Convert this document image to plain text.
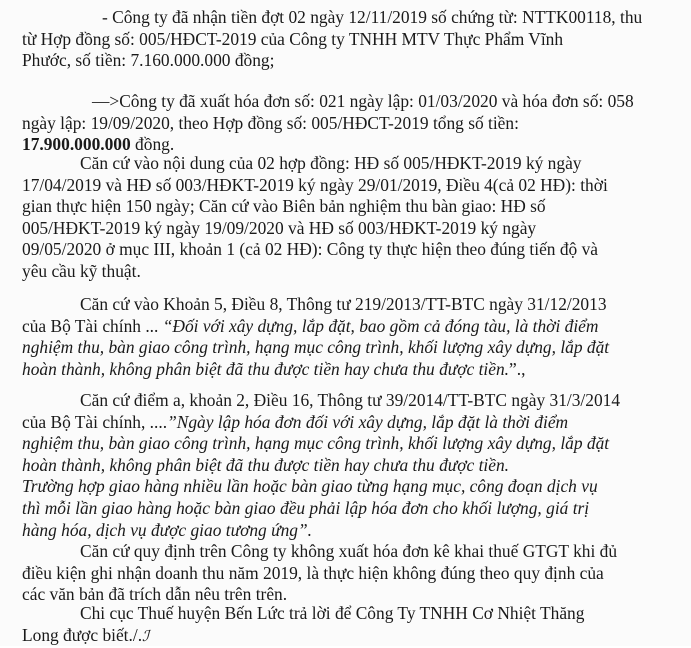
- Công ty đã nhận tiền đợt 02 ngày 12/11/2019 số chứng từ: NTTK00118, thu
từ Hợp đồng số: 005/HĐCT-2019 của Công ty TNHH MTV Thực Phẩm Vĩnh
Phước, số tiền: 7.160.000.000 đồng;

—>Công ty đã xuất hóa đơn số: 021 ngày lập: 01/03/2020 và hóa đơn số: 058
ngày lập: 19/09/2020, theo Hợp đồng số: 005/HĐCT-2019 tổng số tiền:
17.900.000.000 đồng.

Căn cứ vào nội dung của 02 hợp đồng: HĐ số 005/HĐKT-2019 ký ngày
17/04/2019 và HĐ số 003/HĐKT-2019 ký ngày 29/01/2019, Điều 4(cả 02 HĐ): thời
gian thực hiện 150 ngày; Căn cứ vào Biên bản nghiệm thu bàn giao: HĐ số
005/HĐKT-2019 ký ngày 19/09/2020 và HĐ số 003/HĐKT-2019 ký ngày
09/05/2020 ở mục III, khoản 1 (cả 02 HĐ): Công ty thực hiện theo đúng tiến độ và
yêu cầu kỹ thuật.

Căn cứ vào Khoản 5, Điều 8, Thông tư 219/2013/TT-BTC ngày 31/12/2013
của Bộ Tài chính ... “Đối với xây dựng, lắp đặt, bao gồm cả đóng tàu, là thời điểm
nghiệm thu, bàn giao công trình, hạng mục công trình, khối lượng xây dựng, lắp đặt
hoàn thành, không phân biệt đã thu được tiền hay chưa thu được tiền.”.,

Căn cứ điểm a, khoản 2, Điều 16, Thông tư 39/2014/TT-BTC ngày 31/3/2014
của Bộ Tài chính, ....”Ngày lập hóa đơn đối với xây dựng, lắp đặt là thời điểm
nghiệm thu, bàn giao công trình, hạng mục công trình, khối lượng xây dựng, lắp đặt
hoàn thành, không phân biệt đã thu được tiền hay chưa thu được tiền.
Trường hợp giao hàng nhiều lần hoặc bàn giao từng hạng mục, công đoạn dịch vụ
thì mỗi lần giao hàng hoặc bàn giao đều phải lập hóa đơn cho khối lượng, giá trị
hàng hóa, dịch vụ được giao tương ứng”.

Căn cứ quy định trên Công ty không xuất hóa đơn kê khai thuế GTGT khi đủ
điều kiện ghi nhận doanh thu năm 2019, là thực hiện không đúng theo quy định của
các văn bản đã trích dẫn nêu trên trên.

Chi cục Thuế huyện Bến Lức trả lời để Công Ty TNHH Cơ Nhiệt Thăng
Long được biết./.ℐ
